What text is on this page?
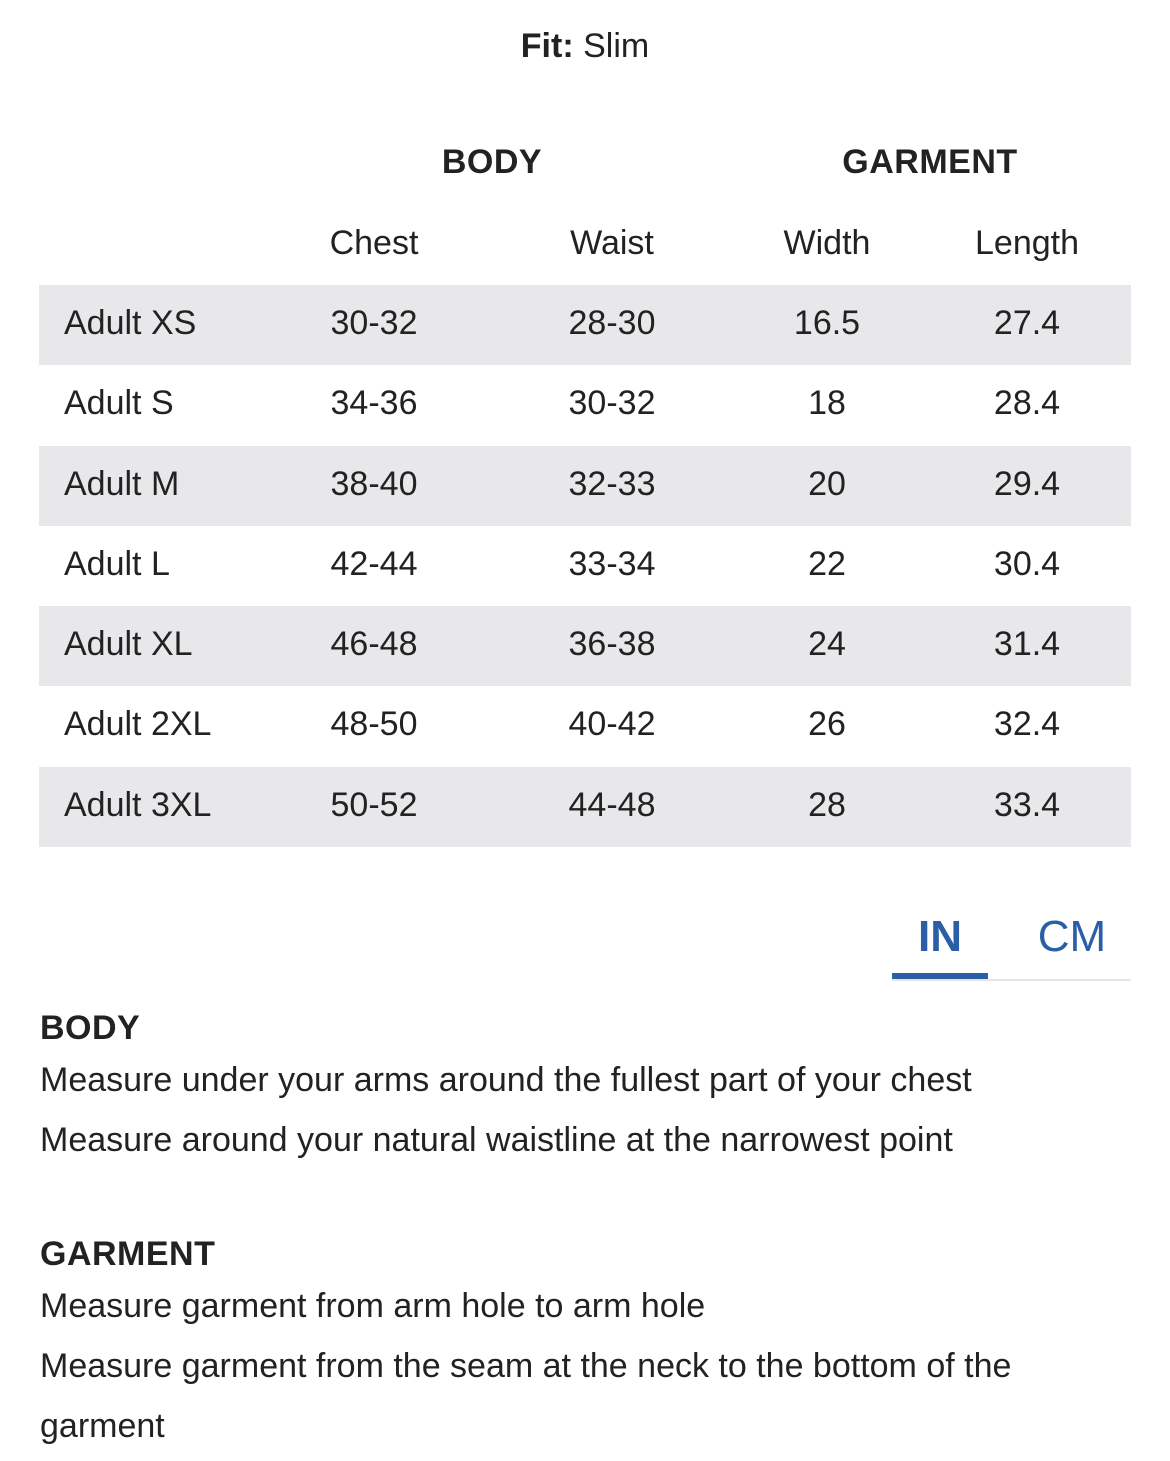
Fit: Slim
BODY	GARMENT
Chest	Waist	Width	Length
Adult XS	30-32	28-30	16.5	27.4
Adult S	34-36	30-32	18	28.4
Adult M	38-40	32-33	20	29.4
Adult L	42-44	33-34	22	30.4
Adult XL	46-48	36-38	24	31.4
Adult 2XL	48-50	40-42	26	32.4
Adult 3XL	50-52	44-48	28	33.4
IN	CM
BODY

Measure under your arms around the fullest part of your chest

Measure around your natural waistline at the narrowest point

GARMENT

Measure garment from arm hole to arm hole

Measure garment from the seam at the neck to the bottom of the garment
